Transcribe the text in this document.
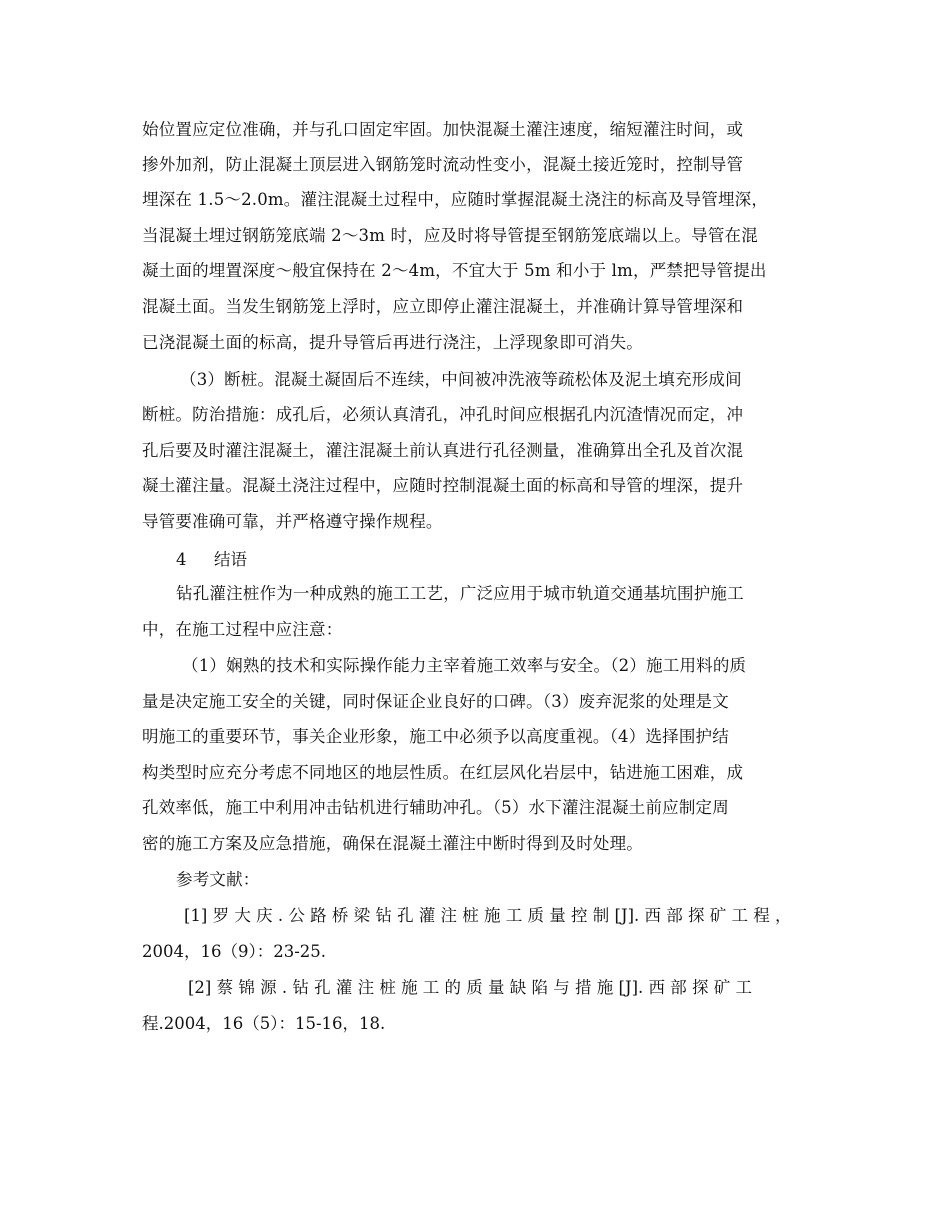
始位置应定位准确，并与孔口固定牢固。加快混凝土灌注速度，缩短灌注时间，或
掺外加剂，防止混凝土顶层进入钢筋笼时流动性变小，混凝土接近笼时，控制导管
埋深在 1.5～2.0m。灌注混凝土过程中，应随时掌握混凝土浇注的标高及导管埋深，
当混凝土埋过钢筋笼底端 2～3m 时，应及时将导管提至钢筋笼底端以上。导管在混
凝土面的埋置深度～般宜保持在 2～4m，不宜大于 5m 和小于 lm，严禁把导管提出
混凝土面。当发生钢筋笼上浮时，应立即停止灌注混凝土，并准确计算导管埋深和
已浇混凝土面的标高，提升导管后再进行浇注，上浮现象即可消失。
（3）断桩。混凝土凝固后不连续，中间被冲洗液等疏松体及泥土填充形成间
断桩。防治措施：成孔后，必须认真清孔，冲孔时间应根据孔内沉渣情况而定，冲
孔后要及时灌注混凝土，灌注混凝土前认真进行孔径测量，准确算出全孔及首次混
凝土灌注量。混凝土浇注过程中，应随时控制混凝土面的标高和导管的埋深，提升
导管要准确可靠，并严格遵守操作规程。
4 结语
钻孔灌注桩作为一种成熟的施工工艺，广泛应用于城市轨道交通基坑围护施工
中，在施工过程中应注意：
（1）娴熟的技术和实际操作能力主宰着施工效率与安全。（2）施工用料的质
量是决定施工安全的关键，同时保证企业良好的口碑。（3）废弃泥浆的处理是文
明施工的重要环节，事关企业形象，施工中必须予以高度重视。（4）选择围护结
构类型时应充分考虑不同地区的地层性质。在红层风化岩层中，钻进施工困难，成
孔效率低，施工中利用冲击钻机进行辅助冲孔。（5）水下灌注混凝土前应制定周
密的施工方案及应急措施，确保在混凝土灌注中断时得到及时处理。
参考文献：
[1] 罗 大 庆 . 公 路 桥 梁 钻 孔 灌 注 桩 施 工 质 量 控 制 [J]. 西 部 探 矿 工 程 ，
2004，16（9）：23-25.
[2] 蔡 锦 源 . 钻 孔 灌 注 桩 施 工 的 质 量 缺 陷 与 措 施 [J]. 西 部 探 矿 工
程.2004，16（5）：15-16，18.
